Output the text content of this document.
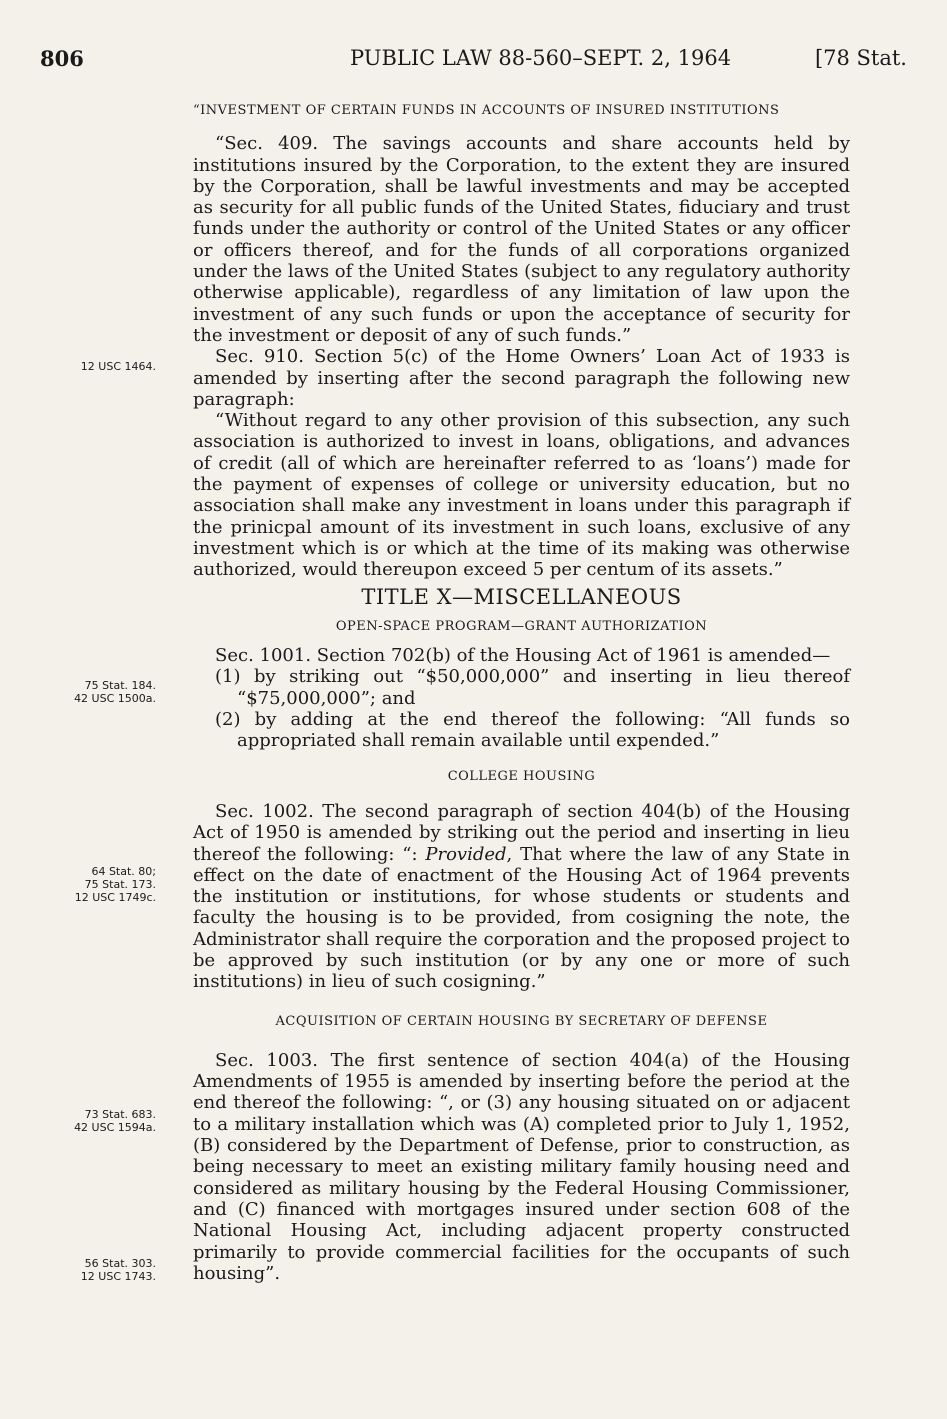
806	PUBLIC LAW 88-560–SEPT. 2, 1964	[78 Stat.
12 USC 1464.
75 Stat. 184.
42 USC 1500a.
64 Stat. 80;
75 Stat. 173.
12 USC 1749c.
73 Stat. 683.
42 USC 1594a.
56 Stat. 303.
12 USC 1743.

“INVESTMENT OF CERTAIN FUNDS IN ACCOUNTS OF INSURED INSTITUTIONS

“Sec. 409. The savings accounts and share accounts held by institutions insured by the Corporation, to the extent they are insured by the Corporation, shall be lawful investments and may be accepted as security for all public funds of the United States, fiduciary and trust funds under the authority or control of the United States or any officer or officers thereof, and for the funds of all corporations organized under the laws of the United States (subject to any regulatory authority otherwise applicable), regardless of any limitation of law upon the investment of any such funds or upon the acceptance of security for the investment or deposit of any of such funds.”

Sec. 910. Section 5(c) of the Home Owners’ Loan Act of 1933 is amended by inserting after the second paragraph the following new paragraph:

“Without regard to any other provision of this subsection, any such association is authorized to invest in loans, obligations, and advances of credit (all of which are hereinafter referred to as ‘loans’) made for the payment of expenses of college or university education, but no association shall make any investment in loans under this paragraph if the prinicpal amount of its investment in such loans, exclusive of any investment which is or which at the time of its making was otherwise authorized, would thereupon exceed 5 per centum of its assets.”

TITLE X—MISCELLANEOUS

OPEN-SPACE PROGRAM—GRANT AUTHORIZATION

Sec. 1001. Section 702(b) of the Housing Act of 1961 is amended—

(1) by striking out “$50,000,000” and inserting in lieu thereof “$75,000,000”; and

(2) by adding at the end thereof the following: “All funds so appropriated shall remain available until expended.”

COLLEGE HOUSING

Sec. 1002. The second paragraph of section 404(b) of the Housing Act of 1950 is amended by striking out the period and inserting in lieu thereof the following: “: Provided, That where the law of any State in effect on the date of enactment of the Housing Act of 1964 prevents the institution or institutions, for whose students or students and faculty the housing is to be provided, from cosigning the note, the Administrator shall require the corporation and the proposed project to be approved by such institution (or by any one or more of such institutions) in lieu of such cosigning.”

ACQUISITION OF CERTAIN HOUSING BY SECRETARY OF DEFENSE

Sec. 1003. The first sentence of section 404(a) of the Housing Amendments of 1955 is amended by inserting before the period at the end thereof the following: “, or (3) any housing situated on or adjacent to a military installation which was (A) completed prior to July 1, 1952, (B) considered by the Department of Defense, prior to construction, as being necessary to meet an existing military family housing need and considered as military housing by the Federal Housing Commissioner, and (C) financed with mortgages insured under section 608 of the National Housing Act, including adjacent property constructed primarily to provide commercial facilities for the occupants of such housing”.
